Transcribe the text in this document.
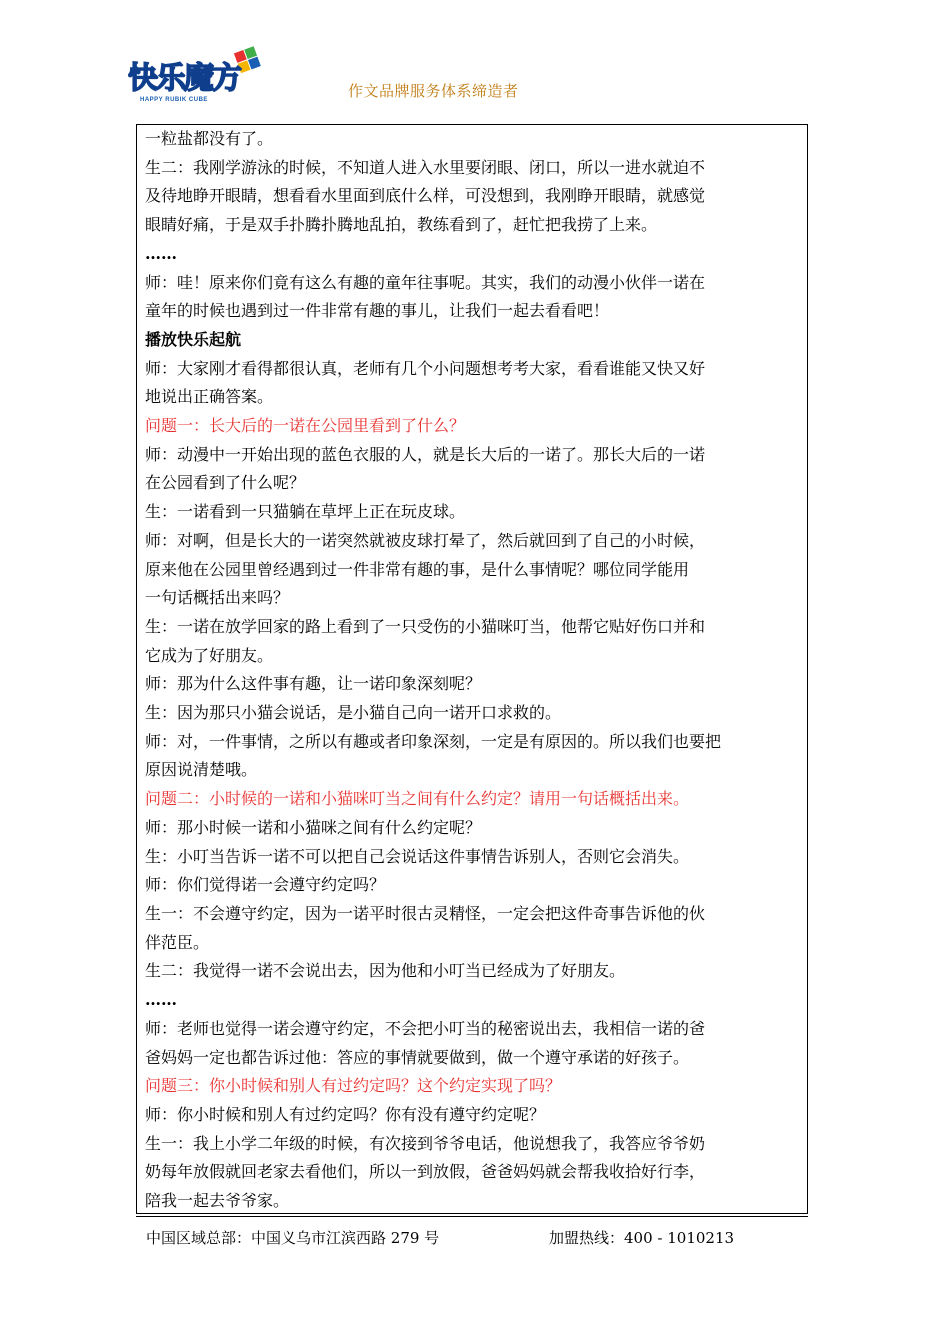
快乐魔方
HAPPY RUBIK CUBE	作文品牌服务体系缔造者
一粒盐都没有了。
生二：我刚学游泳的时候，不知道人进入水里要闭眼、闭口，所以一进水就迫不
及待地睁开眼睛，想看看水里面到底什么样，可没想到，我刚睁开眼睛，就感觉
眼睛好痛，于是双手扑腾扑腾地乱拍，教练看到了，赶忙把我捞了上来。
……
师：哇！原来你们竟有这么有趣的童年往事呢。其实，我们的动漫小伙伴一诺在
童年的时候也遇到过一件非常有趣的事儿，让我们一起去看看吧！
播放快乐起航
师：大家刚才看得都很认真，老师有几个小问题想考考大家，看看谁能又快又好
地说出正确答案。
问题一：长大后的一诺在公园里看到了什么？
师：动漫中一开始出现的蓝色衣服的人，就是长大后的一诺了。那长大后的一诺
在公园看到了什么呢？
生：一诺看到一只猫躺在草坪上正在玩皮球。
师：对啊，但是长大的一诺突然就被皮球打晕了，然后就回到了自己的小时候，
原来他在公园里曾经遇到过一件非常有趣的事，是什么事情呢？哪位同学能用
一句话概括出来吗？
生：一诺在放学回家的路上看到了一只受伤的小猫咪叮当，他帮它贴好伤口并和
它成为了好朋友。
师：那为什么这件事有趣，让一诺印象深刻呢？
生：因为那只小猫会说话，是小猫自己向一诺开口求救的。
师：对，一件事情，之所以有趣或者印象深刻，一定是有原因的。所以我们也要把
原因说清楚哦。
问题二：小时候的一诺和小猫咪叮当之间有什么约定？请用一句话概括出来。
师：那小时候一诺和小猫咪之间有什么约定呢？
生：小叮当告诉一诺不可以把自己会说话这件事情告诉别人，否则它会消失。
师：你们觉得诺一会遵守约定吗？
生一：不会遵守约定，因为一诺平时很古灵精怪，一定会把这件奇事告诉他的伙
伴范臣。
生二：我觉得一诺不会说出去，因为他和小叮当已经成为了好朋友。
……
师：老师也觉得一诺会遵守约定，不会把小叮当的秘密说出去，我相信一诺的爸
爸妈妈一定也都告诉过他：答应的事情就要做到，做一个遵守承诺的好孩子。
问题三：你小时候和别人有过约定吗？这个约定实现了吗？
师：你小时候和别人有过约定吗？你有没有遵守约定呢？
生一：我上小学二年级的时候，有次接到爷爷电话，他说想我了，我答应爷爷奶
奶每年放假就回老家去看他们，所以一到放假，爸爸妈妈就会帮我收拾好行李，
陪我一起去爷爷家。
中国区域总部：中国义乌市江滨西路 279 号	加盟热线：400 - 1010213
